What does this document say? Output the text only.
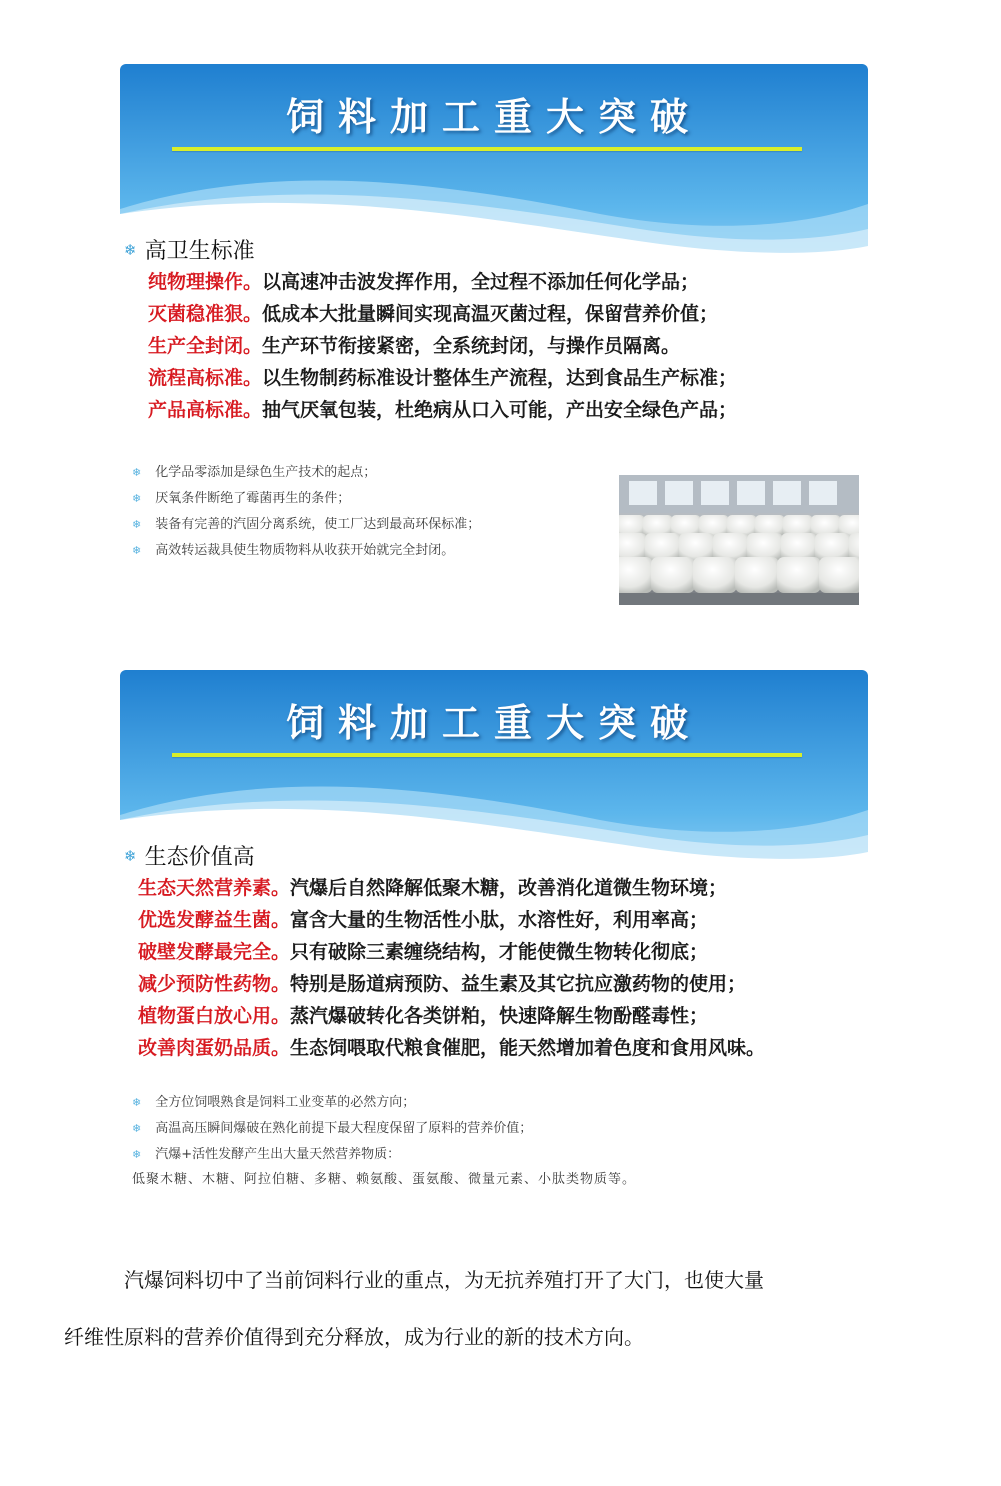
饲料加工重大突破
❄ 高卫生标准
纯物理操作。以高速冲击波发挥作用，全过程不添加任何化学品；
灭菌稳准狠。低成本大批量瞬间实现高温灭菌过程，保留营养价值；
生产全封闭。生产环节衔接紧密，全系统封闭，与操作员隔离。
流程高标准。以生物制药标准设计整体生产流程，达到食品生产标准；
产品高标准。抽气厌氧包装，杜绝病从口入可能，产出安全绿色产品；
❄ 化学品零添加是绿色生产技术的起点；
❄ 厌氧条件断绝了霉菌再生的条件；
❄ 装备有完善的汽固分离系统，使工厂达到最高环保标准；
❄ 高效转运裁具使生物质物料从收获开始就完全封闭。
饲料加工重大突破
❄ 生态价值高
生态天然营养素。汽爆后自然降解低聚木糖，改善消化道微生物环境；
优选发酵益生菌。富含大量的生物活性小肽，水溶性好，利用率高；
破壁发酵最完全。只有破除三素缠绕结构，才能使微生物转化彻底；
减少预防性药物。特别是肠道病预防、益生素及其它抗应激药物的使用；
植物蛋白放心用。蒸汽爆破转化各类饼粕，快速降解生物酚醛毒性；
改善肉蛋奶品质。生态饲喂取代粮食催肥，能天然增加着色度和食用风味。
❄ 全方位饲喂熟食是饲料工业变革的必然方向；
❄ 高温高压瞬间爆破在熟化前提下最大程度保留了原料的营养价值；
❄ 汽爆+活性发酵产生出大量天然营养物质：
低聚木糖、木糖、阿拉伯糖、多糖、赖氨酸、蛋氨酸、微量元素、小肽类物质等。
汽爆饲料切中了当前饲料行业的重点，为无抗养殖打开了大门，也使大量
纤维性原料的营养价值得到充分释放，成为行业的新的技术方向。
